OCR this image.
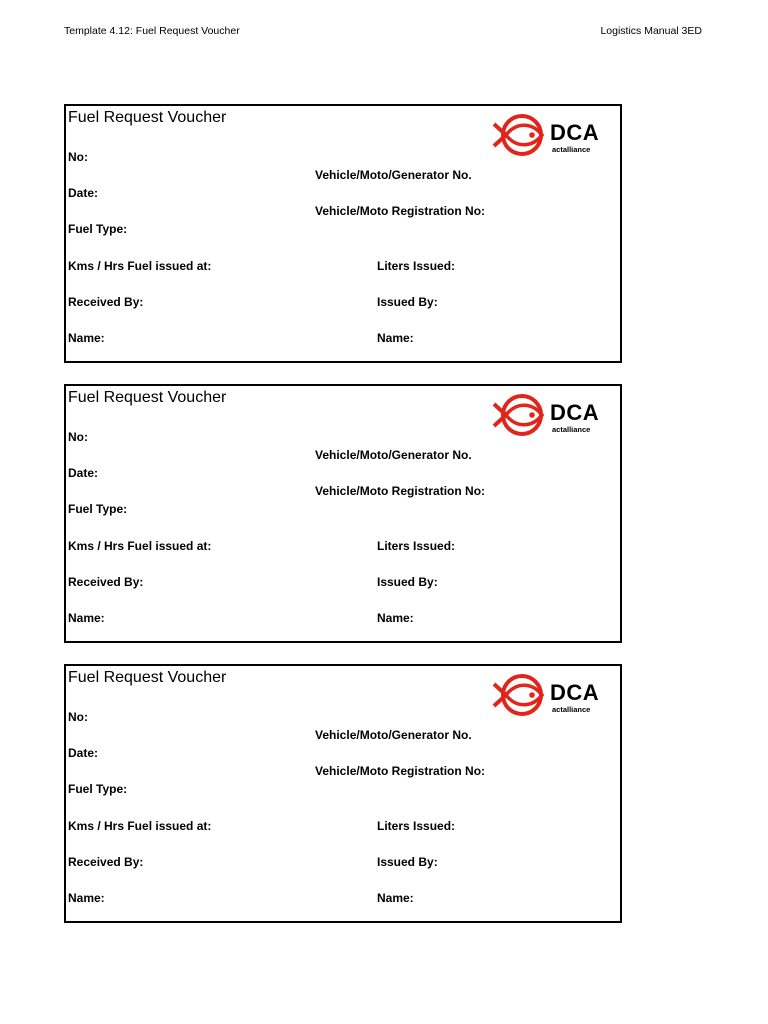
Template 4.12: Fuel Request Voucher	Logistics Manual 3ED
Fuel Request Voucher
DCA
actalliance
No:
Vehicle/Moto/Generator No.
Date:
Vehicle/Moto Registration No:
Fuel Type:
Kms / Hrs Fuel issued at:	Liters Issued:
Received By:	Issued By:
Name:	Name:
Fuel Request Voucher
DCA
actalliance
No:
Vehicle/Moto/Generator No.
Date:
Vehicle/Moto Registration No:
Fuel Type:
Kms / Hrs Fuel issued at:	Liters Issued:
Received By:	Issued By:
Name:	Name:
Fuel Request Voucher
DCA
actalliance
No:
Vehicle/Moto/Generator No.
Date:
Vehicle/Moto Registration No:
Fuel Type:
Kms / Hrs Fuel issued at:	Liters Issued:
Received By:	Issued By:
Name:	Name:
